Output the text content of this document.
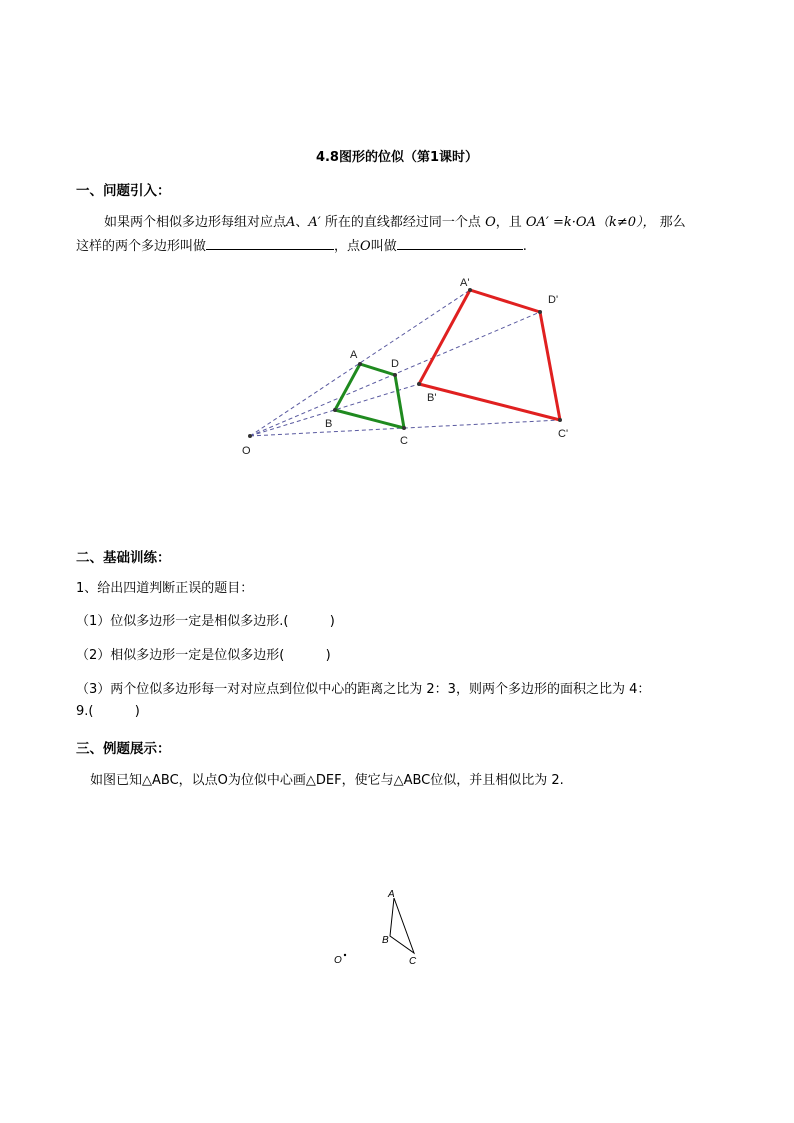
4.8图形的位似（第1课时）
一、问题引入：
如果两个相似多边形每组对应点A、A′ 所在的直线都经过同一个点 O，且 OA′ =k·OA（k≠0）， 那么
这样的两个多边形叫做	，点O叫做	.
O
A
D
B
C
A'
D'
B'
C'
二、基础训练：
1、给出四道判断正误的题目：
（1）位似多边形一定是相似多边形.(          )
（2）相似多边形一定是位似多边形(          )
（3）两个位似多边形每一对对应点到位似中心的距离之比为 2：3，则两个多边形的面积之比为 4：
9.(          )
三、例题展示：
如图已知△ABC，以点O为位似中心画△DEF，使它与△ABC位似，并且相似比为 2.
A
B
C
O
